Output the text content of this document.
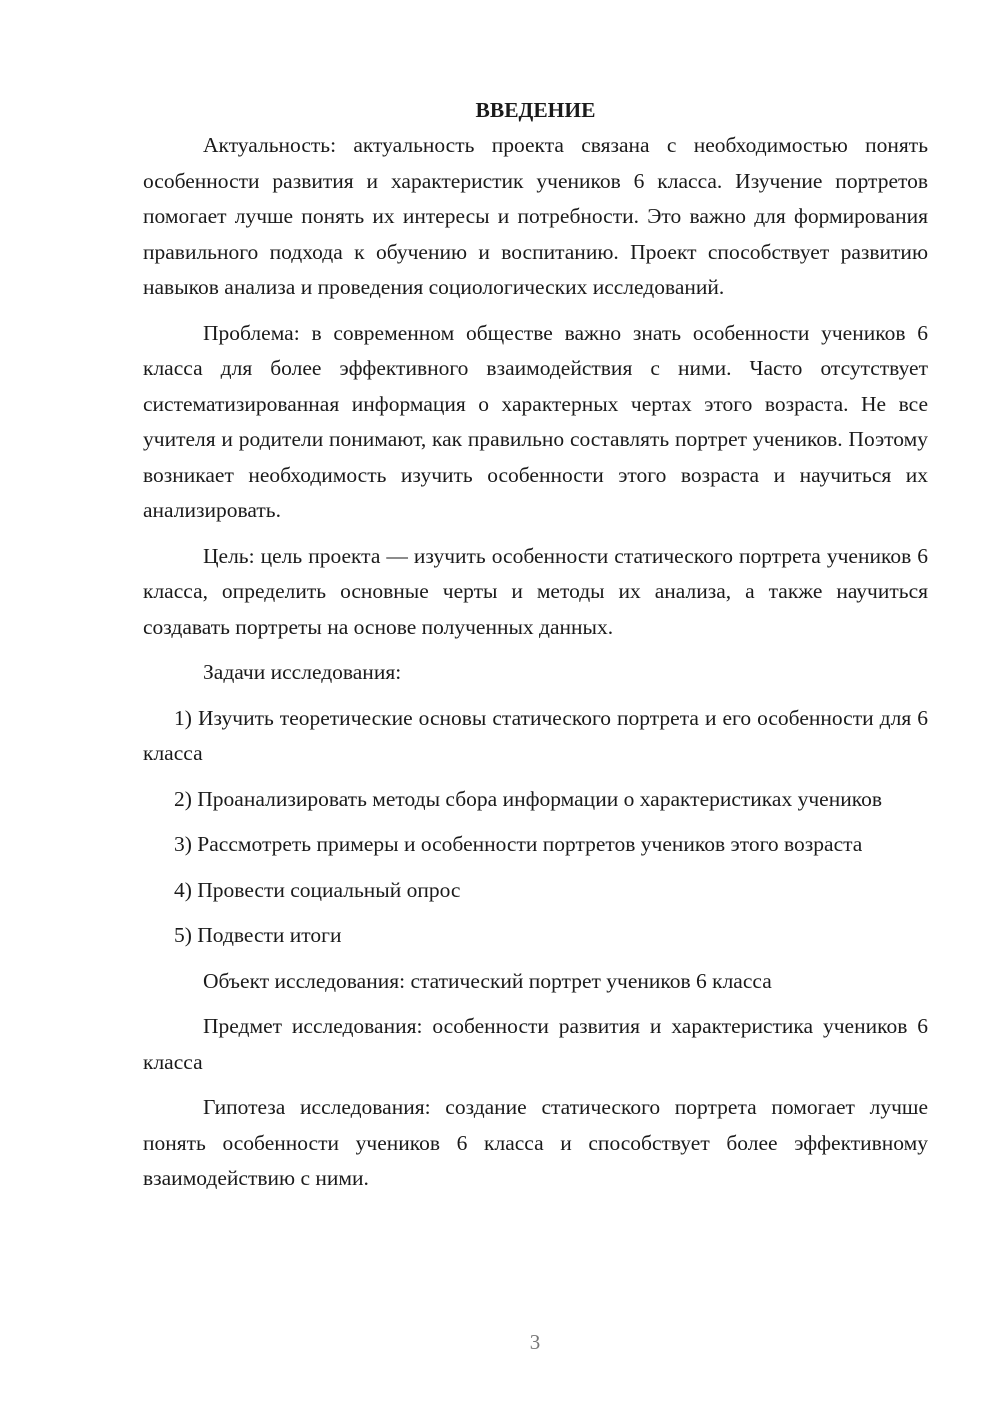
ВВЕДЕНИЕ

Актуальность: актуальность проекта связана с необходимостью понять особенности развития и характеристик учеников 6 класса. Изучение портретов помогает лучше понять их интересы и потребности. Это важно для формирования правильного подхода к обучению и воспитанию. Проект способствует развитию навыков анализа и проведения социологических исследований.

Проблема: в современном обществе важно знать особенности учеников 6 класса для более эффективного взаимодействия с ними. Часто отсутствует систематизированная информация о характерных чертах этого возраста. Не все учителя и родители понимают, как правильно составлять портрет учеников. Поэтому возникает необходимость изучить особенности этого возраста и научиться их анализировать.

Цель: цель проекта — изучить особенности статического портрета учеников 6 класса, определить основные черты и методы их анализа, а также научиться создавать портреты на основе полученных данных.

Задачи исследования:

1) Изучить теоретические основы статического портрета и его особенности для 6 класса

2) Проанализировать методы сбора информации о характеристиках учеников

3) Рассмотреть примеры и особенности портретов учеников этого возраста

4) Провести социальный опрос

5) Подвести итоги

Объект исследования: статический портрет учеников 6 класса

Предмет исследования: особенности развития и характеристика учеников 6 класса

Гипотеза исследования: создание статического портрета помогает лучше понять особенности учеников 6 класса и способствует более эффективному взаимодействию с ними.

3
